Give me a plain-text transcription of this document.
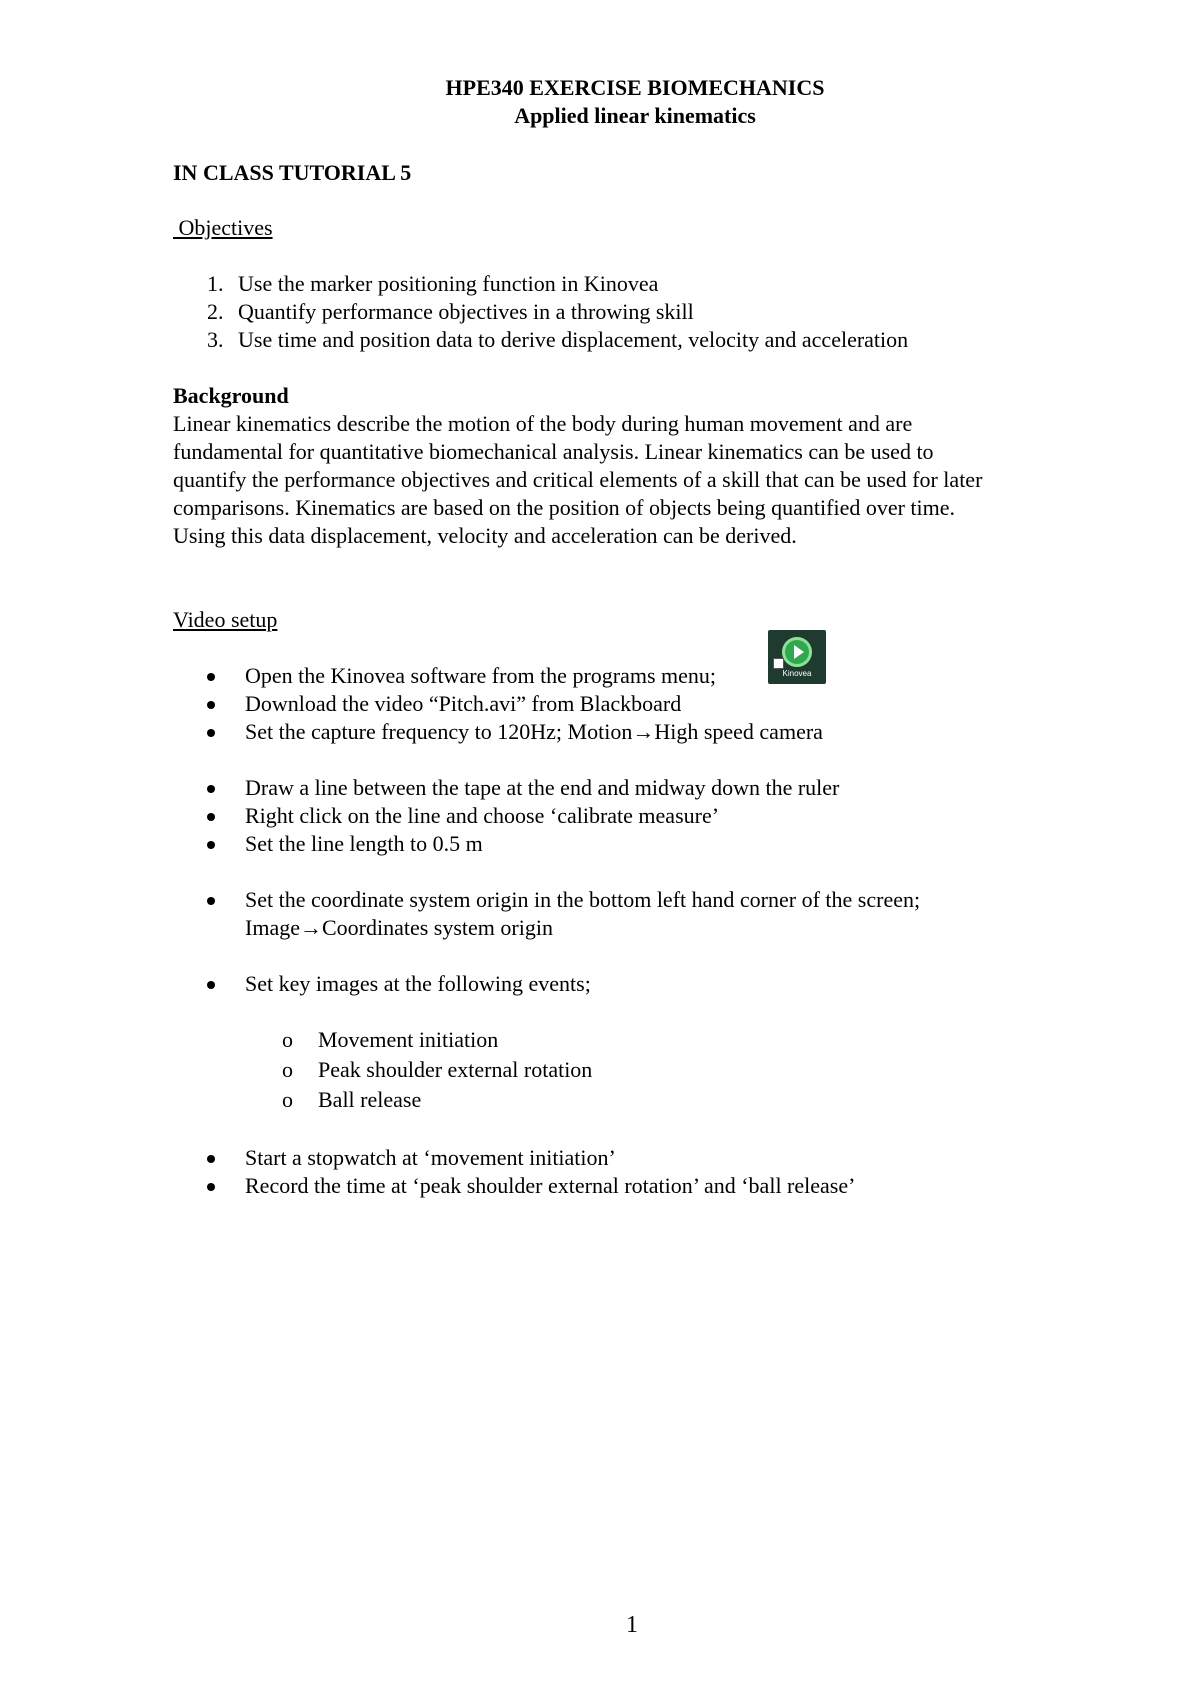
HPE340 EXERCISE BIOMECHANICS
Applied linear kinematics
IN CLASS TUTORIAL 5
Objectives
1. Use the marker positioning function in Kinovea
2. Quantify performance objectives in a throwing skill
3. Use time and position data to derive displacement, velocity and acceleration
Background
Linear kinematics describe the motion of the body during human movement and are
fundamental for quantitative biomechanical analysis. Linear kinematics can be used to
quantify the performance objectives and critical elements of a skill that can be used for later
comparisons. Kinematics are based on the position of objects being quantified over time.
Using this data displacement, velocity and acceleration can be derived.
Video setup
Open the Kinovea software from the programs menu;	Kinovea
Download the video “Pitch.avi” from Blackboard
Set the capture frequency to 120Hz; Motion→High speed camera
Draw a line between the tape at the end and midway down the ruler
Right click on the line and choose ‘calibrate measure’
Set the line length to 0.5 m
Set the coordinate system origin in the bottom left hand corner of the screen;
Image→Coordinates system origin
Set key images at the following events;
o Movement initiation
o Peak shoulder external rotation
o Ball release
Start a stopwatch at ‘movement initiation’
Record the time at ‘peak shoulder external rotation’ and ‘ball release’
1
